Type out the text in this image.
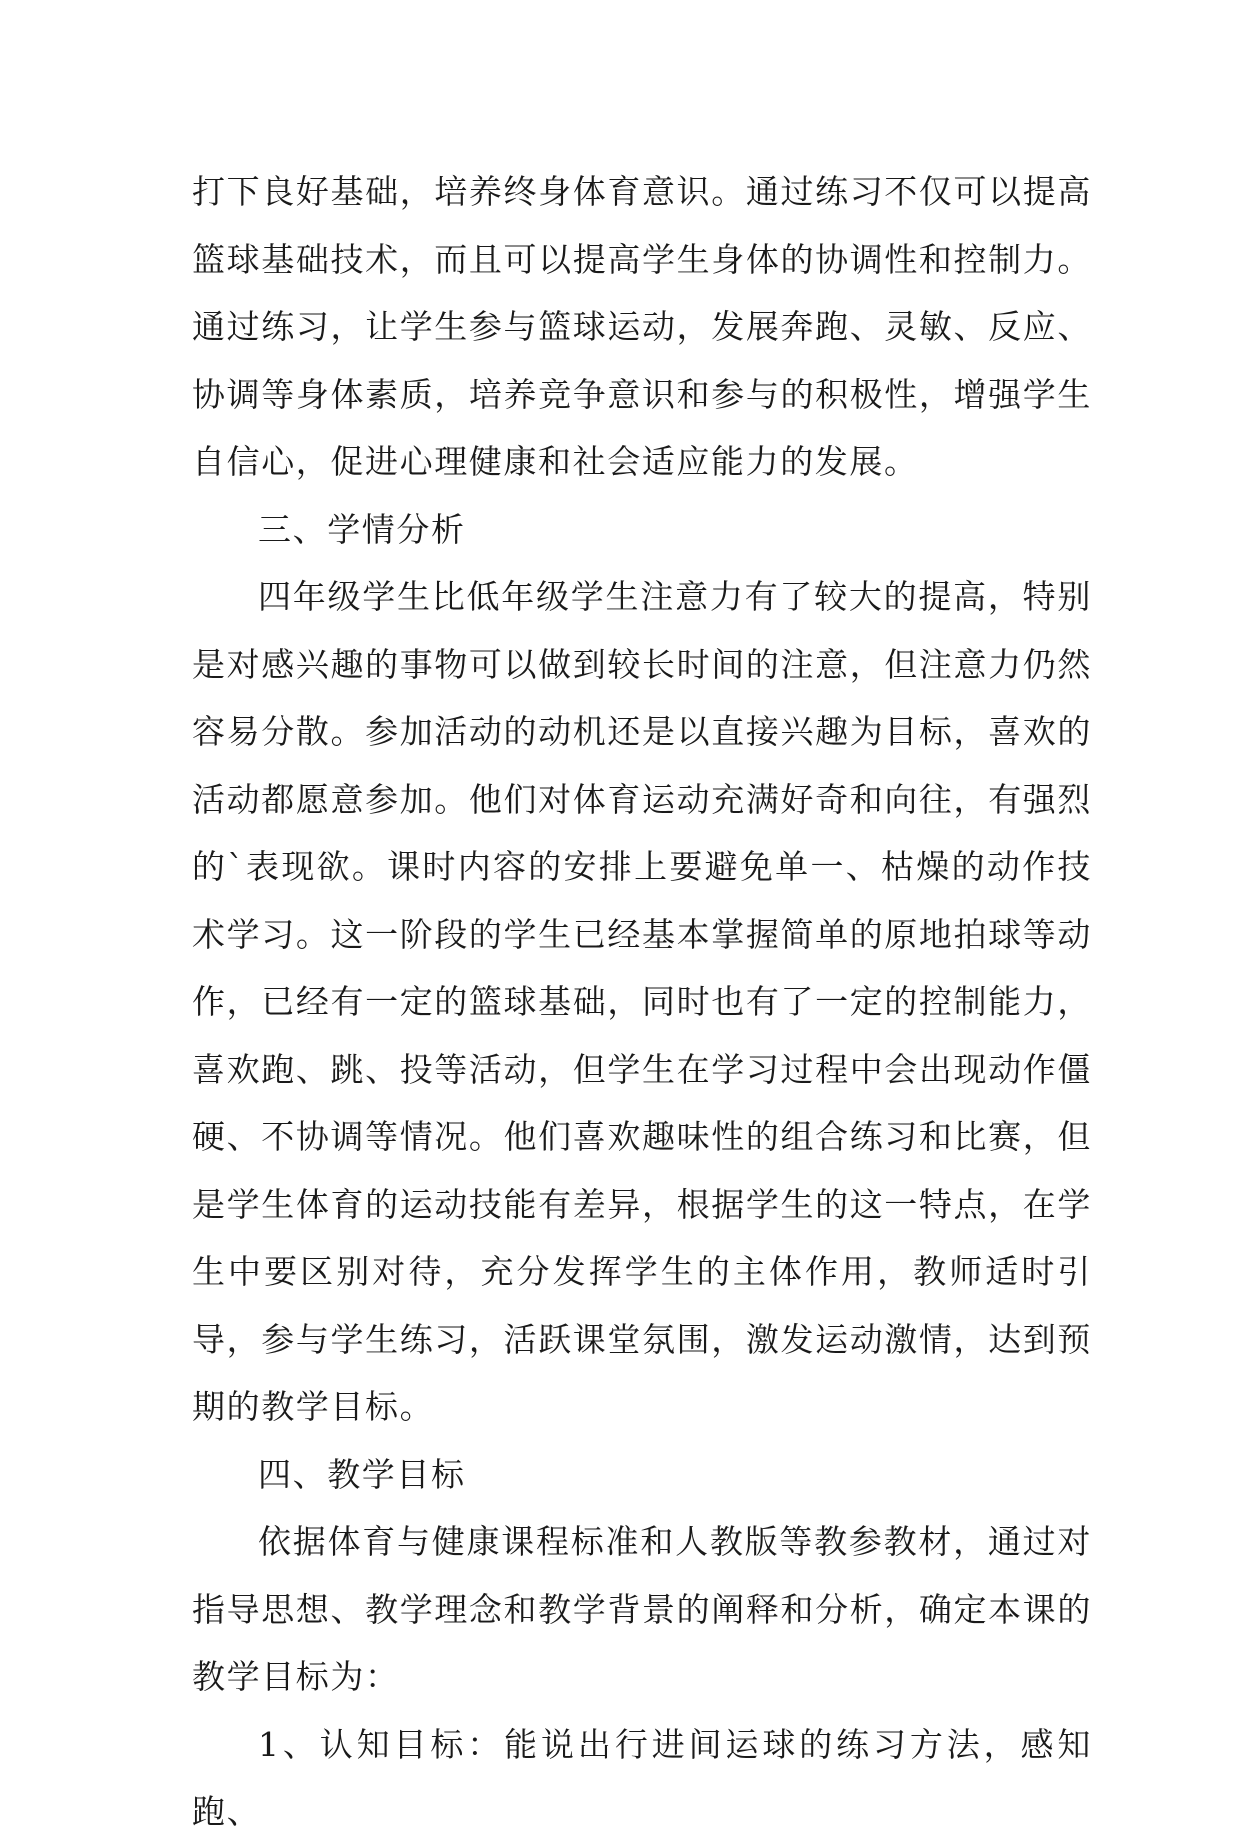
打下良好基础，培养终身体育意识。通过练习不仅可以提高篮球基础技术，而且可以提高学生身体的协调性和控制力。通过练习，让学生参与篮球运动，发展奔跑、灵敏、反应、协调等身体素质，培养竞争意识和参与的积极性，增强学生自信心，促进心理健康和社会适应能力的发展。

三、学情分析

四年级学生比低年级学生注意力有了较大的提高，特别是对感兴趣的事物可以做到较长时间的注意，但注意力仍然容易分散。参加活动的动机还是以直接兴趣为目标，喜欢的活动都愿意参加。他们对体育运动充满好奇和向往，有强烈的`表现欲。课时内容的安排上要避免单一、枯燥的动作技术学习。这一阶段的学生已经基本掌握简单的原地拍球等动作，已经有一定的篮球基础，同时也有了一定的控制能力，喜欢跑、跳、投等活动，但学生在学习过程中会出现动作僵硬、不协调等情况。他们喜欢趣味性的组合练习和比赛，但是学生体育的运动技能有差异，根据学生的这一特点，在学生中要区别对待，充分发挥学生的主体作用，教师适时引导，参与学生练习，活跃课堂氛围，激发运动激情，达到预期的教学目标。

四、教学目标

依据体育与健康课程标准和人教版等教参教材，通过对指导思想、教学理念和教学背景的阐释和分析，确定本课的教学目标为：

1、认知目标：能说出行进间运球的练习方法，感知跑、
